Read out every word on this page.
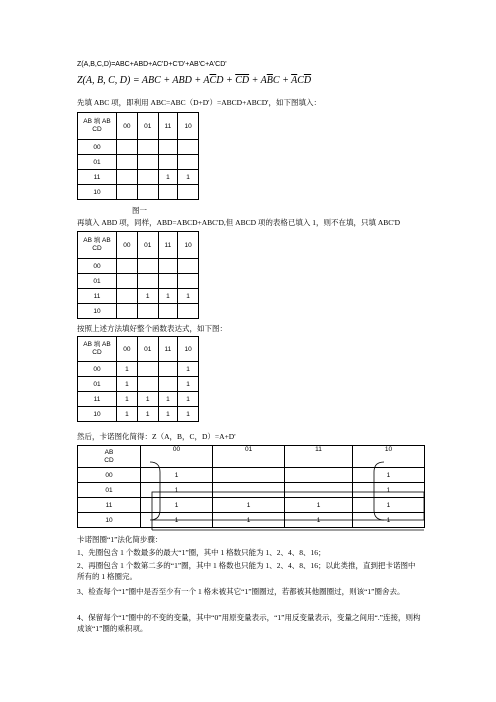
Z(A,B,C,D)=ABC+ABD+AC'D+C'D'+AB'C+A'CD'
Z(A, B, C, D) = ABC + ABD + $A\overline{C}D + \overline{CD} + A\overline{B}C + \overline{A}C\overline{D}$
先填 ABC 项，即利用 ABC=ABC（D+D'）=ABCD+ABCD'，如下图填入：
AB 填 AB
CD	00	01	11	10
00				
01				
11			1	1
10				
图一
再填入 ABD 项，同样，ABD=ABCD+ABC'D,但 ABCD 项的表格已填入 1，则不在填，只填 ABC'D
AB 填 AB
CD	00	01	11	10
00				
01				
11		1	1	1
10				
按照上述方法填好整个函数表达式，如下图：
AB 填 AB
CD	00	01	11	10
00	1			1
01	1			1
11	1	1	1	1
10	1	1	1	1
然后，卡诺图化简得：Z（A，B，C，D）=A+D'
AB
CD	00	01	11	10
00	1			1
01	1			1
11	1	1	1	1
10	1	1	1	1
卡诺图圈“1”法化简步骤：
1、先圈包含 1 个数最多的最大“1”圈，其中 1 格数只能为 1、2、4、8、16；
2、再圈包含 1 个数第二多的“1”圈，其中 1 格数也只能为 1、2、4、8、16；以此类推，直到把卡诺图中所有的 1 格圈完。
3、检查每个“1”圈中是否至少有一个 1 格未被其它“1”圈圈过，若都被其他圈圈过，则该“1”圈舍去。
4、保留每个“1”圈中的不变的变量，其中“0”用原变量表示，“1”用反变量表示，变量之间用“.”连接，则构成该“1”圈的乘积项。
